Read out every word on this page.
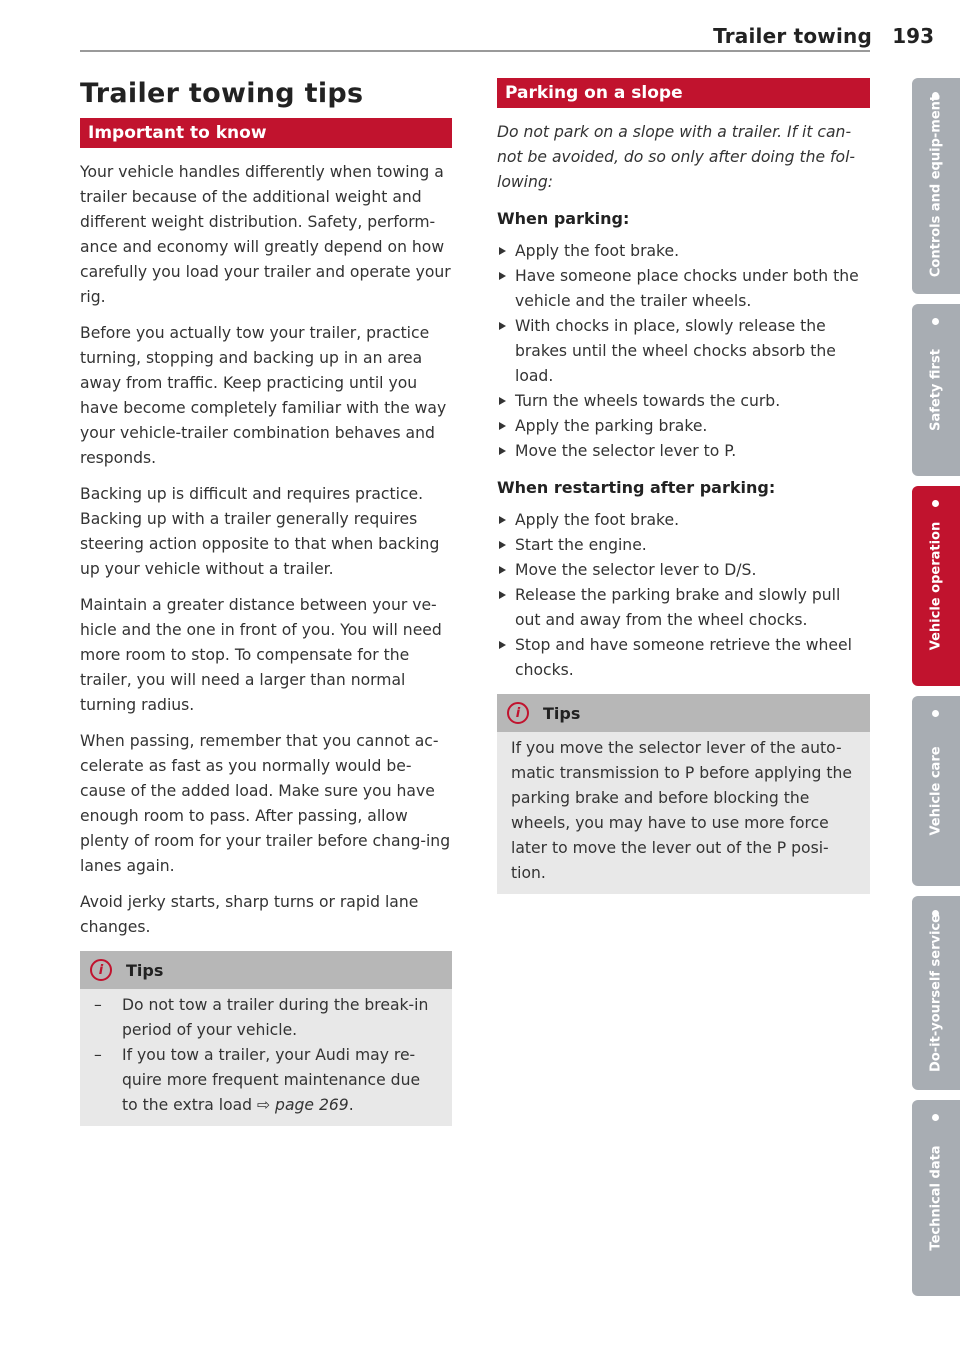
Trailer towing 193
Trailer towing tips
Important to know

Your vehicle handles differently when towing a trailer because of the additional weight and different weight distribution. Safety, perform-ance and economy will greatly depend on how carefully you load your trailer and operate your rig.

Before you actually tow your trailer, practice turning, stopping and backing up in an area away from traffic. Keep practicing until you have become completely familiar with the way your vehicle-trailer combination behaves and responds.

Backing up is difficult and requires practice. Backing up with a trailer generally requires steering action opposite to that when backing up your vehicle without a trailer.

Maintain a greater distance between your ve-hicle and the one in front of you. You will need more room to stop. To compensate for the trailer, you will need a larger than normal turning radius.

When passing, remember that you cannot ac-celerate as fast as you normally would be-cause of the added load. Make sure you have enough room to pass. After passing, allow plenty of room for your trailer before chang-ing lanes again.

Avoid jerky starts, sharp turns or rapid lane changes.

i	Tips
– Do not tow a trailer during the break-in period of your vehicle.
– If you tow a trailer, your Audi may re-quire more frequent maintenance due to the extra load ⇨ page 269.
Parking on a slope

Do not park on a slope with a trailer. If it can-not be avoided, do so only after doing the fol-lowing:

When parking:
Apply the foot brake.
Have someone place chocks under both the vehicle and the trailer wheels.
With chocks in place, slowly release the brakes until the wheel chocks absorb the load.
Turn the wheels towards the curb.
Apply the parking brake.
Move the selector lever to P.
When restarting after parking:
Apply the foot brake.
Start the engine.
Move the selector lever to D/S.
Release the parking brake and slowly pull out and away from the wheel chocks.
Stop and have someone retrieve the wheel chocks.
i	Tips

If you move the selector lever of the auto-matic transmission to P before applying the parking brake and before blocking the wheels, you may have to use more force later to move the lever out of the P posi-tion.

Controls and equip-ment
Safety first
Vehicle operation
Vehicle care
Do-it-yourself service
Technical data
